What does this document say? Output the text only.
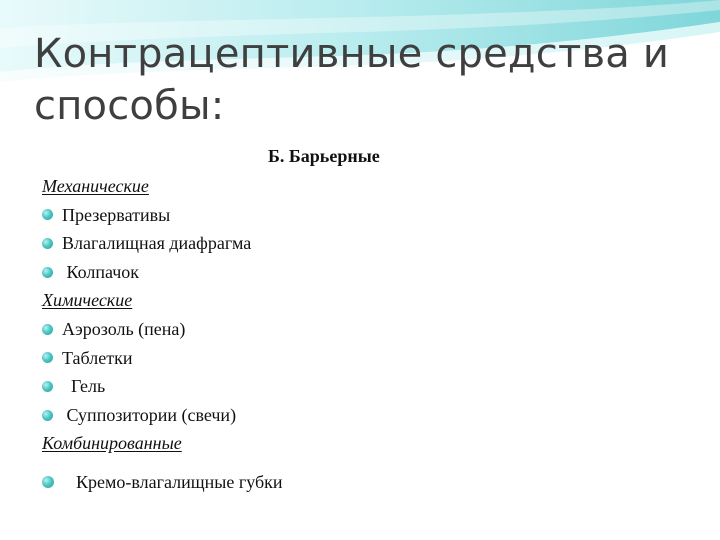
Контрацептивные средства и способы:
Б. Барьерные
Механические
Презервативы
Влагалищная диафрагма
Колпачок
Химические
Аэрозоль (пена)
Таблетки
Гель
Суппозитории (свечи)
Комбинированные
Кремо-влагалищные губки
